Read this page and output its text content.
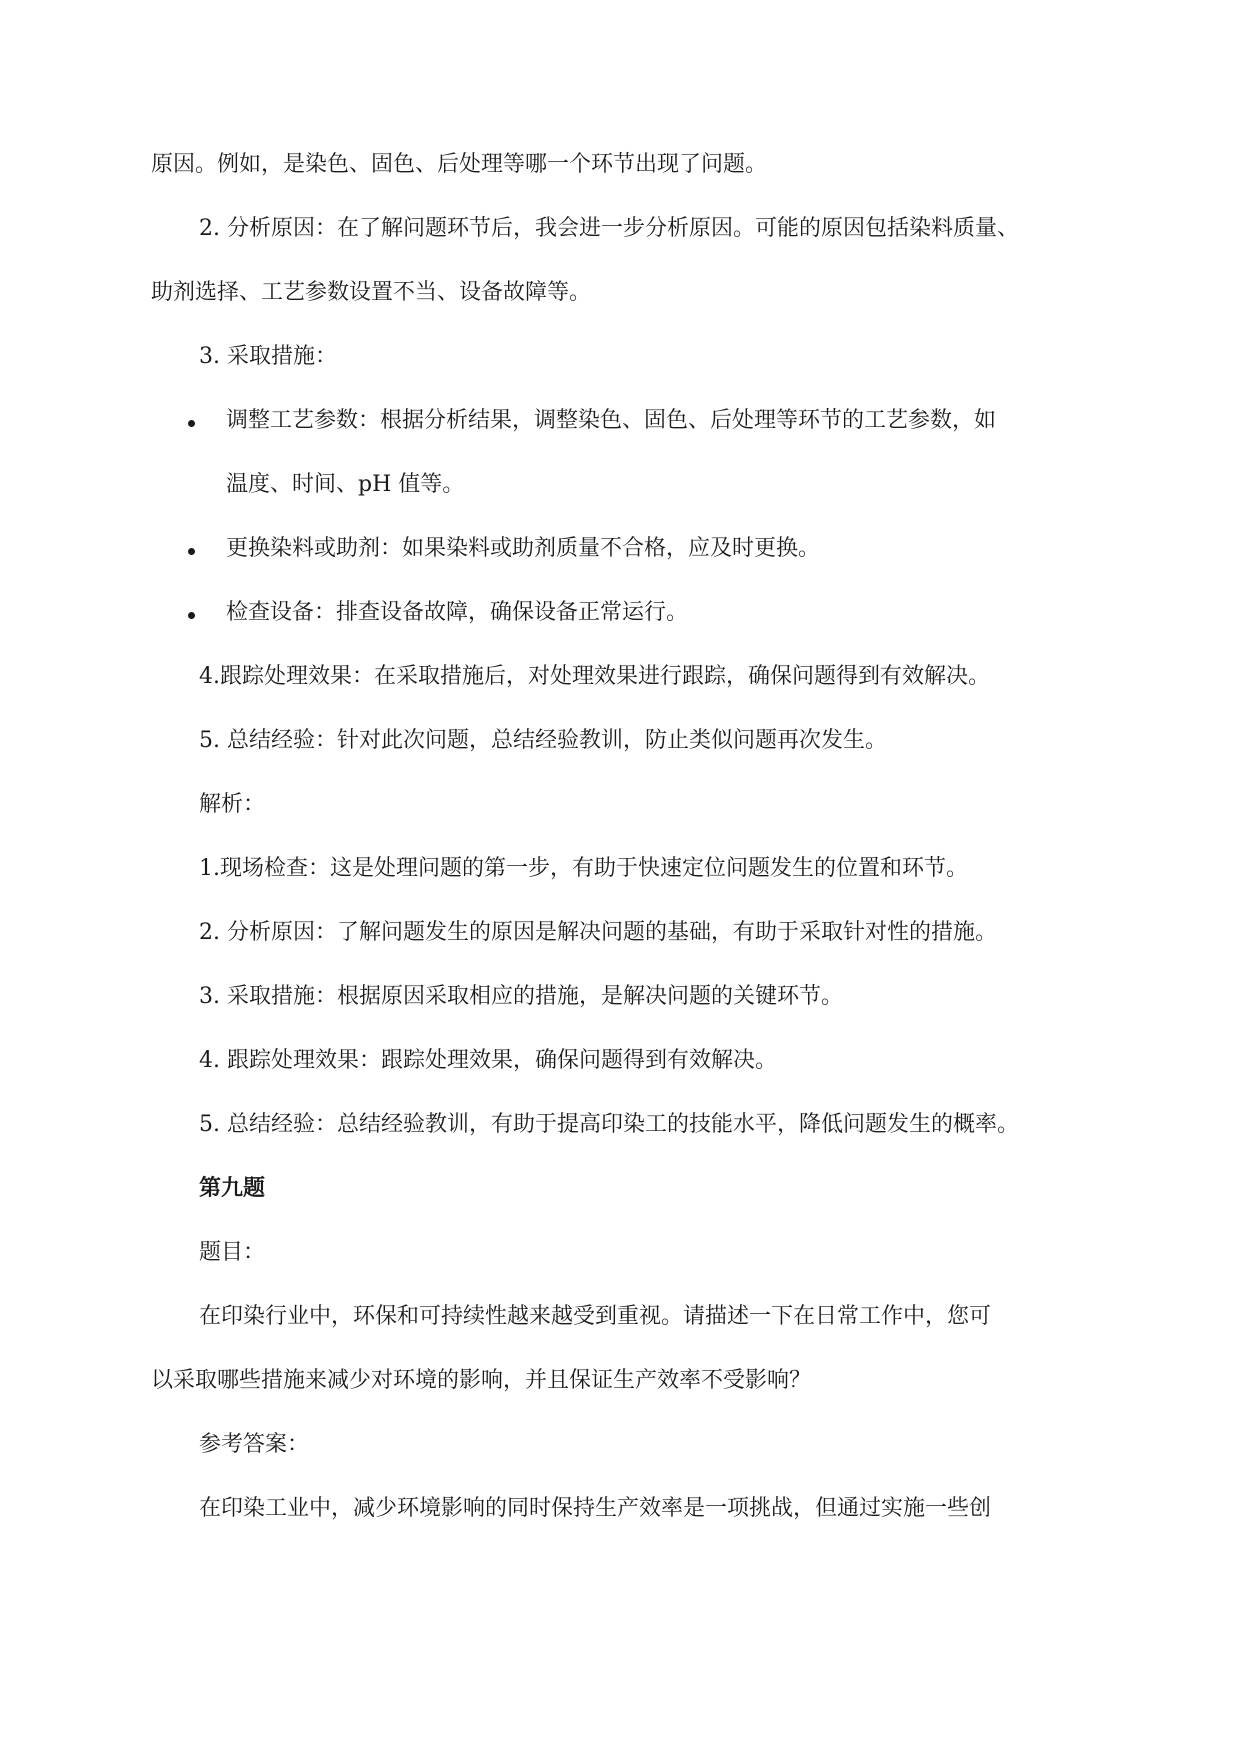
原因。例如，是染色、固色、后处理等哪一个环节出现了问题。
2. 分析原因：在了解问题环节后，我会进一步分析原因。可能的原因包括染料质量、
助剂选择、工艺参数设置不当、设备故障等。
3. 采取措施：
调整工艺参数：根据分析结果，调整染色、固色、后处理等环节的工艺参数，如
温度、时间、pH 值等。
更换染料或助剂：如果染料或助剂质量不合格，应及时更换。
检查设备：排查设备故障，确保设备正常运行。
4.跟踪处理效果：在采取措施后，对处理效果进行跟踪，确保问题得到有效解决。
5. 总结经验：针对此次问题，总结经验教训，防止类似问题再次发生。
解析：
1.现场检查：这是处理问题的第一步，有助于快速定位问题发生的位置和环节。
2. 分析原因：了解问题发生的原因是解决问题的基础，有助于采取针对性的措施。
3. 采取措施：根据原因采取相应的措施，是解决问题的关键环节。
4. 跟踪处理效果：跟踪处理效果，确保问题得到有效解决。
5. 总结经验：总结经验教训，有助于提高印染工的技能水平，降低问题发生的概率。
第九题
题目：
在印染行业中，环保和可持续性越来越受到重视。请描述一下在日常工作中，您可
以采取哪些措施来减少对环境的影响，并且保证生产效率不受影响？
参考答案：
在印染工业中，减少环境影响的同时保持生产效率是一项挑战，但通过实施一些创
